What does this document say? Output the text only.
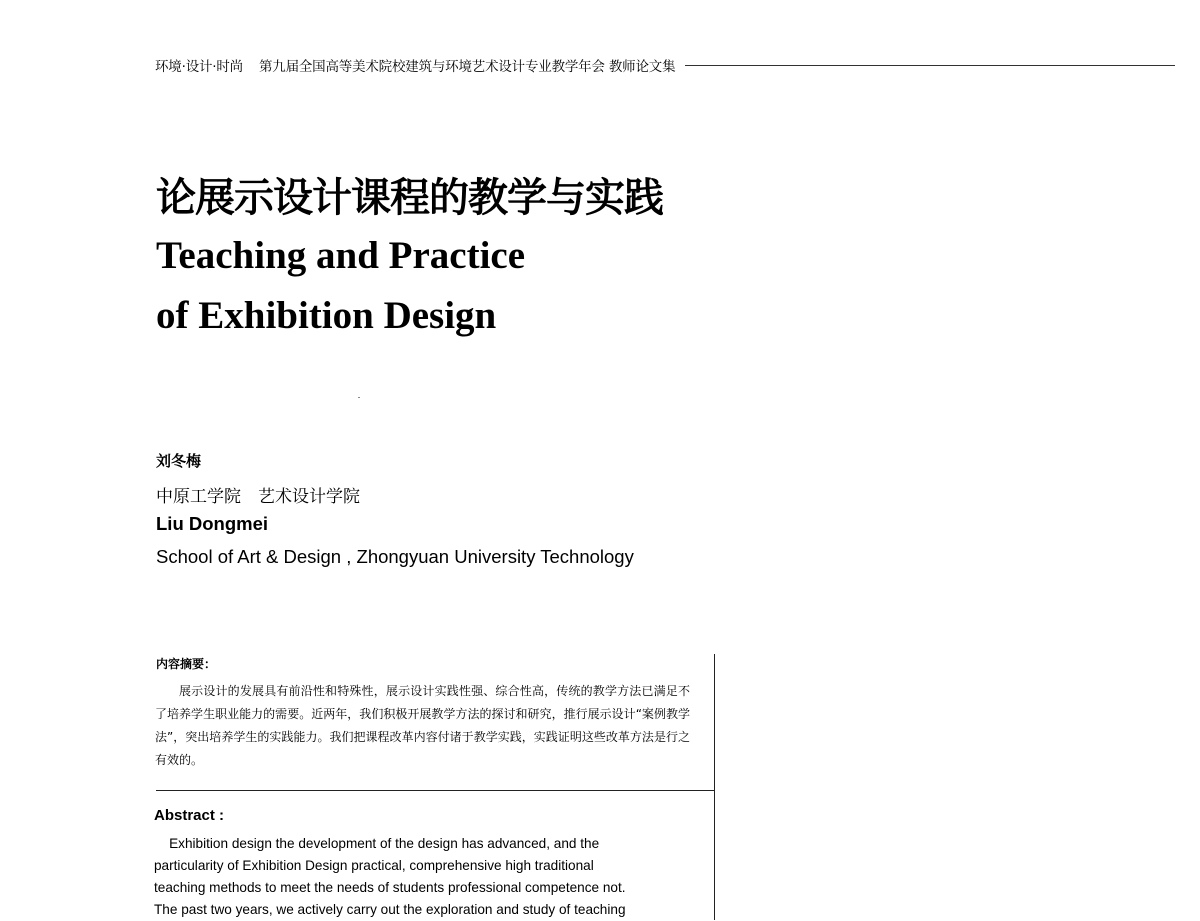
环境·设计·时尚 第九届全国高等美术院校建筑与环境艺术设计专业教学年会 教师论文集
论展示设计课程的教学与实践
Teaching and Practice
of Exhibition Design
刘冬梅
中原工学院　艺术设计学院
Liu Dongmei
School of Art & Design , Zhongyuan University Technology
内容摘要：
展示设计的发展具有前沿性和特殊性，展示设计实践性强、综合性高，传统的教学方法已满足不了培养学生职业能力的需要。近两年，我们积极开展教学方法的探讨和研究，推行展示设计“案例教学法”，突出培养学生的实践能力。我们把课程改革内容付诸于教学实践，实践证明这些改革方法是行之有效的。
Abstract :
Exhibition design the development of the design has advanced, and the
particularity of Exhibition Design practical, comprehensive high traditional
teaching methods to meet the needs of students professional competence not.
The past two years, we actively carry out the exploration and study of teaching
